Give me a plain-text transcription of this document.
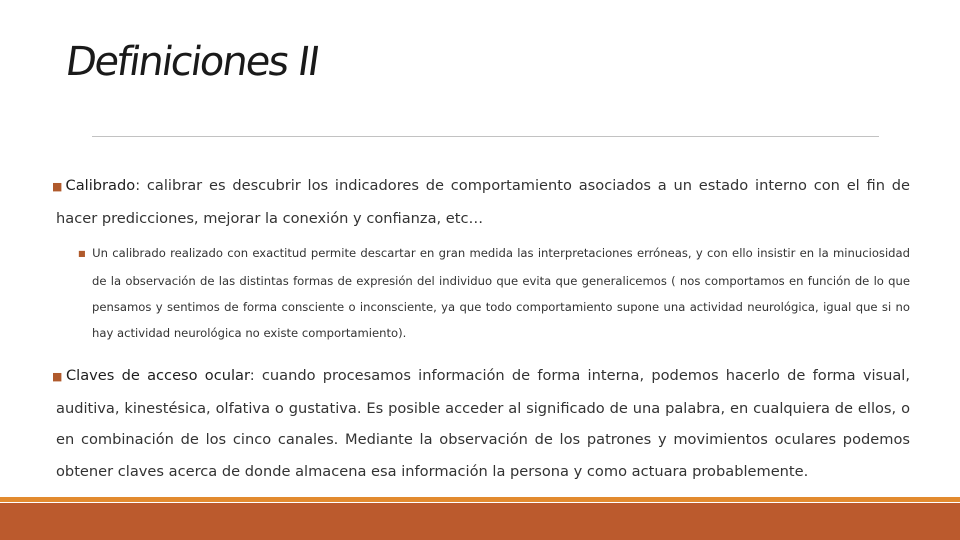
Definiciones II

■Calibrado: calibrar es descubrir los indicadores de comportamiento asociados a un estado interno con el fin de hacer predicciones, mejorar la conexión y confianza, etc…

■ Un calibrado realizado con exactitud permite descartar en gran medida las interpretaciones erróneas, y con ello insistir en la minuciosidad de la observación de las distintas formas de expresión del individuo que evita que generalicemos ( nos comportamos en función de lo que pensamos y sentimos de forma consciente o inconsciente, ya que todo comportamiento supone una actividad neurológica, igual que si no hay actividad neurológica no existe comportamiento).

■Claves de acceso ocular: cuando procesamos información de forma interna, podemos hacerlo de forma visual, auditiva, kinestésica, olfativa o gustativa. Es posible acceder al significado de una palabra, en cualquiera de ellos, o en combinación de los cinco canales. Mediante la observación de los patrones y movimientos oculares podemos obtener claves acerca de donde almacena esa información la persona y como actuara probablemente.
